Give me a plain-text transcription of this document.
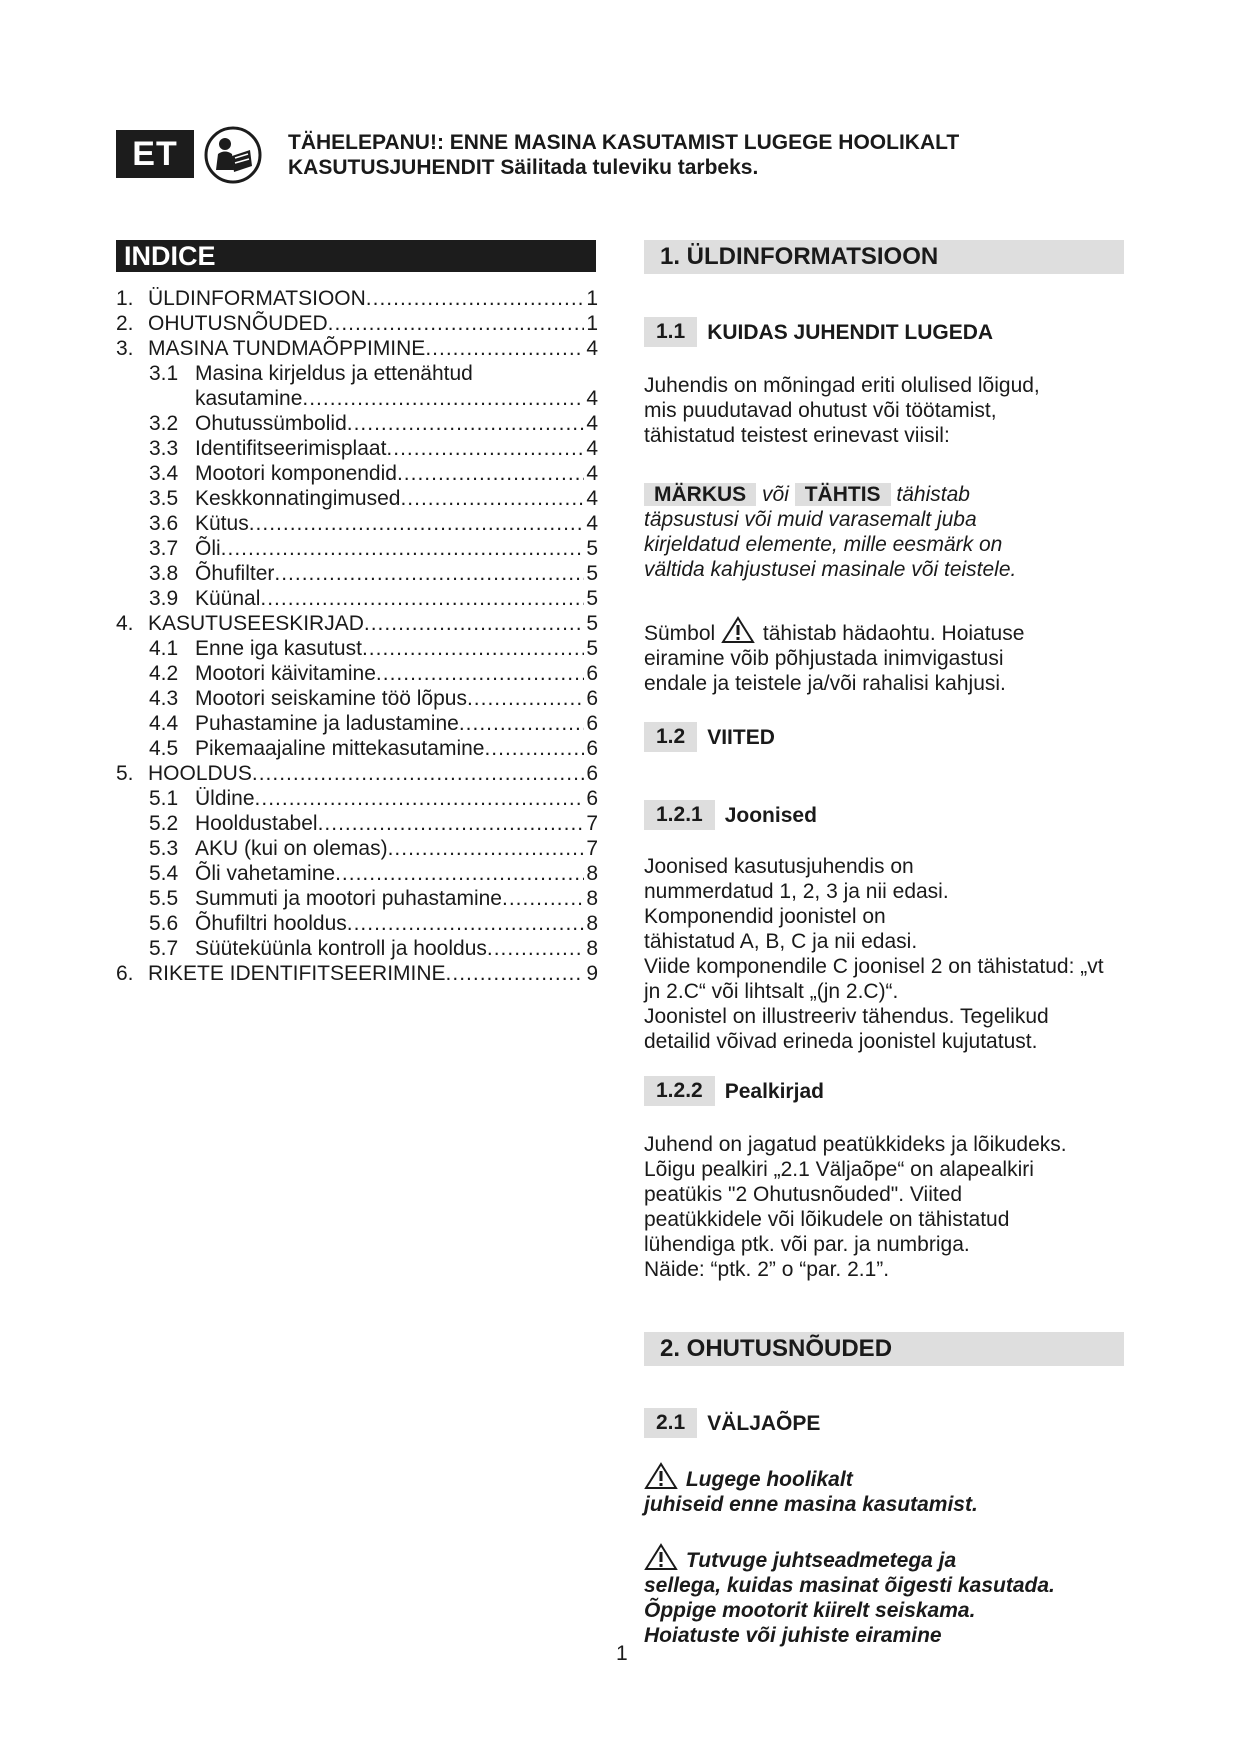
ET	TÄHELEPANU!: ENNE MASINA KASUTAMIST LUGEGE HOOLIKALT
KASUTUSJUHENDIT Säilitada tuleviku tarbeks.
INDICE
1. ÜLDINFORMATSIOON .....	1
2. OHUTUSNÕUDED .....	1
3. MASINA TUNDMAÕPPIMINE .....	4
3.1 Masina kirjeldus ja ettenähtud
kasutamine .....	4
3.2 Ohutussümbolid .....	4
3.3 Identifitseerimisplaat .....	4
3.4 Mootori komponendid .....	4
3.5 Keskkonnatingimused .....	4
3.6 Kütus .....	4
3.7 Õli .....	5
3.8 Õhufilter .....	5
3.9 Küünal .....	5
4. KASUTUSEESKIRJAD .....	5
4.1 Enne iga kasutust .....	5
4.2 Mootori käivitamine .....	6
4.3 Mootori seiskamine töö lõpus .....	6
4.4 Puhastamine ja ladustamine .....	6
4.5 Pikemaajaline mittekasutamine .....	6
5. HOOLDUS .....	6
5.1 Üldine .....	6
5.2 Hooldustabel .....	7
5.3 AKU (kui on olemas) .....	7
5.4 Õli vahetamine .....	8
5.5 Summuti ja mootori puhastamine .....	8
5.6 Õhufiltri hooldus .....	8
5.7 Süüteküünla kontroll ja hooldus .....	8
6. RIKETE IDENTIFITSEERIMINE .....	9
1. ÜLDINFORMATSIOON
1.1	KUIDAS JUHENDIT LUGEDA
Juhendis on mõningad eriti olulised lõigud,
mis puudutavad ohutust või töötamist,
tähistatud teistest erinevast viisil:
MÄRKUS või TÄHTIS tähistab
täpsustusi või muid varasemalt juba
kirjeldatud elemente, mille eesmärk on
vältida kahjustusei masinale või teistele.
Sümbol tähistab hädaohtu. Hoiatuse
eiramine võib põhjustada inimvigastusi
endale ja teistele ja/või rahalisi kahjusi.
1.2	VIITED
1.2.1	Joonised
Joonised kasutusjuhendis on
nummerdatud 1, 2, 3 ja nii edasi.
Komponendid joonistel on
tähistatud A, B, C ja nii edasi.
Viide komponendile C joonisel 2 on tähistatud: „vt
jn 2.C“ või lihtsalt „(jn 2.C)“.
Joonistel on illustreeriv tähendus. Tegelikud
detailid võivad erineda joonistel kujutatust.
1.2.2	Pealkirjad
Juhend on jagatud peatükkideks ja lõikudeks.
Lõigu pealkiri „2.1 Väljaõpe“ on alapealkiri
peatükis "2 Ohutusnõuded". Viited
peatükkidele või lõikudele on tähistatud
lühendiga ptk. või par. ja numbriga.
Näide: “ptk. 2” o “par. 2.1”.
2. OHUTUSNÕUDED
2.1	VÄLJAÕPE
Lugege hoolikalt
juhiseid enne masina kasutamist.
Tutvuge juhtseadmetega ja
sellega, kuidas masinat õigesti kasutada.
Õppige mootorit kiirelt seiskama.
Hoiatuste või juhiste eiramine
1
